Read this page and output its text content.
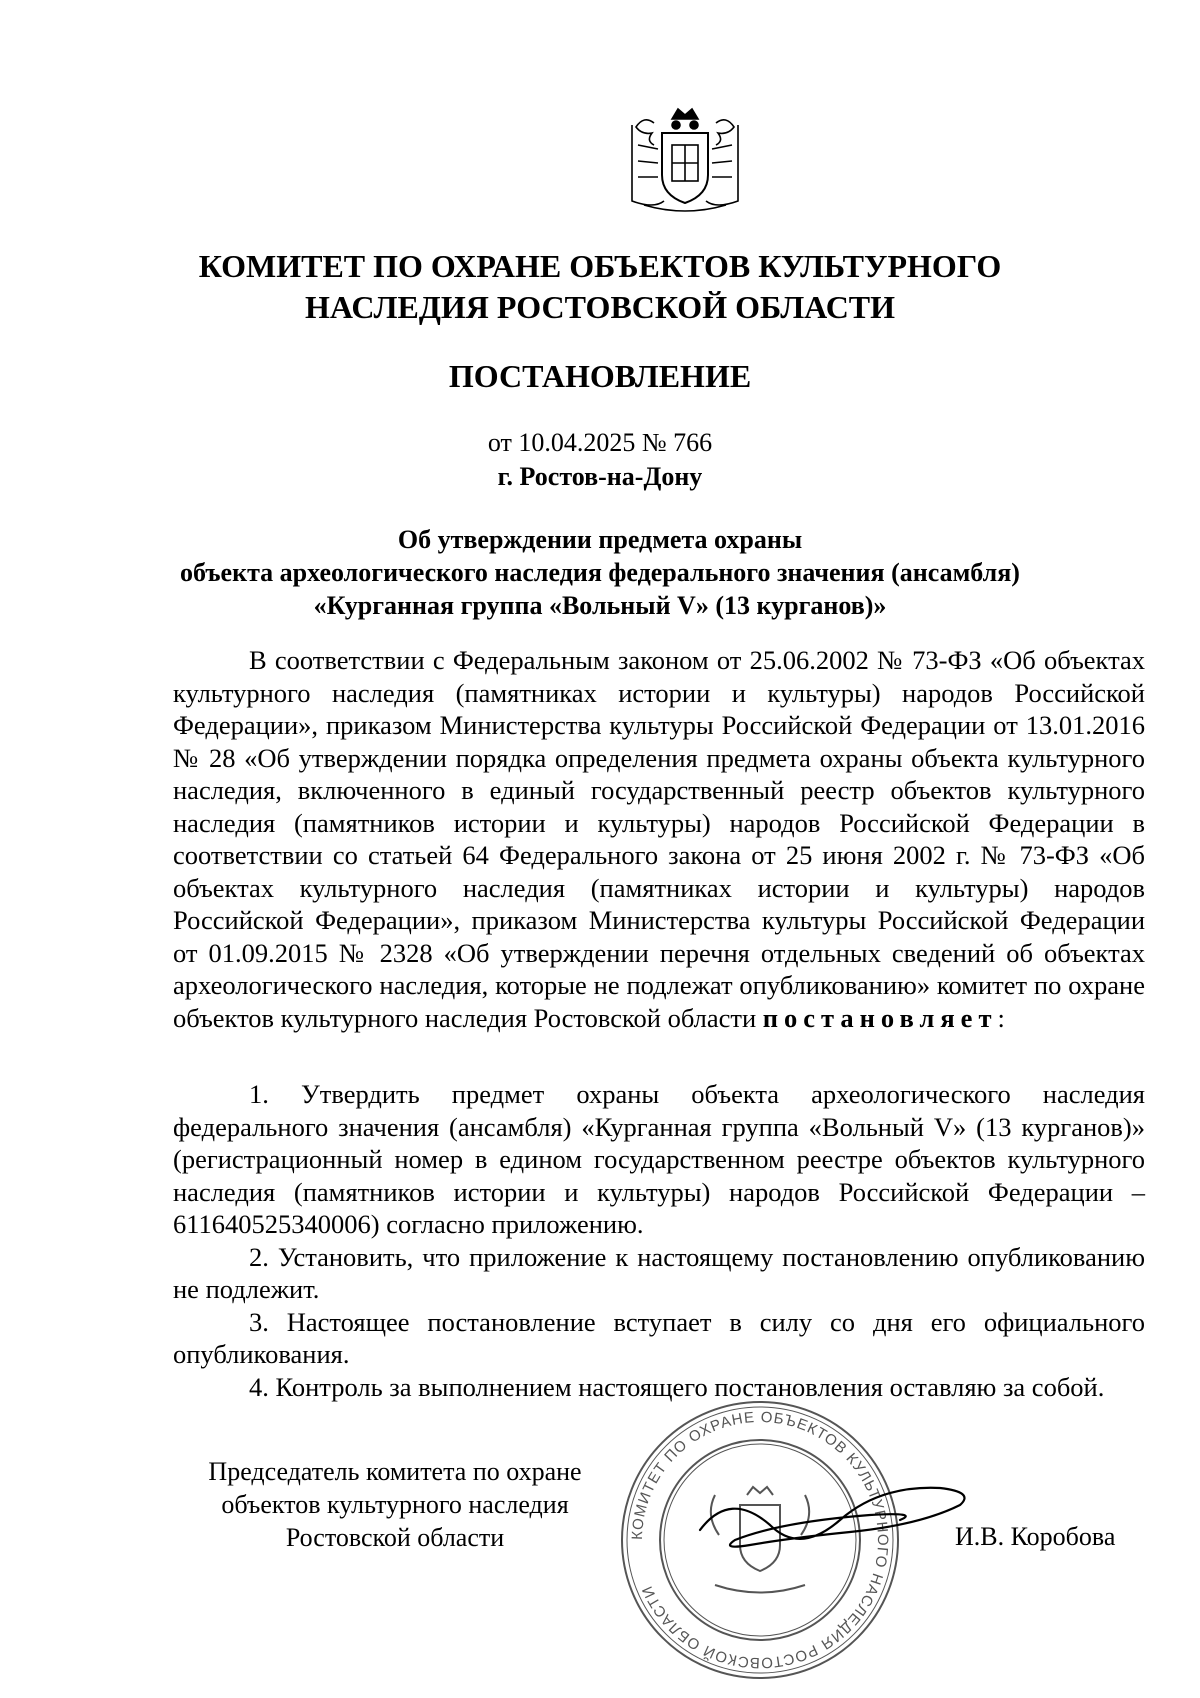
КОМИТЕТ ПО ОХРАНЕ ОБЪЕКТОВ КУЛЬТУРНОГО
НАСЛЕДИЯ РОСТОВСКОЙ ОБЛАСТИ
ПОСТАНОВЛЕНИЕ
от 10.04.2025 № 766
г. Ростов-на-Дону
Об утверждении предмета охраны
объекта археологического наследия федерального значения (ансамбля)
«Курганная группа «Вольный V» (13 курганов)»

В соответствии с Федеральным законом от 25.06.2002 № 73-ФЗ «Об объектах культурного наследия (памятниках истории и культуры) народов Российской Федерации», приказом Министерства культуры Российской Федерации от 13.01.2016 № 28 «Об утверждении порядка определения предмета охраны объекта культурного наследия, включенного в единый государственный реестр объектов культурного наследия (памятников истории и культуры) народов Российской Федерации в соответствии со статьей 64 Федерального закона от 25 июня 2002 г. № 73-ФЗ «Об объектах культурного наследия (памятниках истории и культуры) народов Российской Федерации», приказом Министерства культуры Российской Федерации от 01.09.2015 № 2328 «Об утверждении перечня отдельных сведений об объектах археологического наследия, которые не подлежат опубликованию» комитет по охране объектов культурного наследия Ростовской области постановляет:

1. Утвердить предмет охраны объекта археологического наследия федерального значения (ансамбля) «Курганная группа «Вольный V» (13 курганов)» (регистрационный номер в едином государственном реестре объектов культурного наследия (памятников истории и культуры) народов Российской Федерации – 611640525340006) согласно приложению.

2. Установить, что приложение к настоящему постановлению опубликованию не подлежит.

3. Настоящее постановление вступает в силу со дня его официального опубликования.

4. Контроль за выполнением настоящего постановления оставляю за собой.

КОМИТЕТ ПО ОХРАНЕ ОБЪЕКТОВ КУЛЬТУРНОГО НАСЛЕДИЯ РОСТОВСКОЙ ОБЛАСТИ
Председатель комитета по охране
объектов культурного наследия
Ростовской области	И.В. Коробова
